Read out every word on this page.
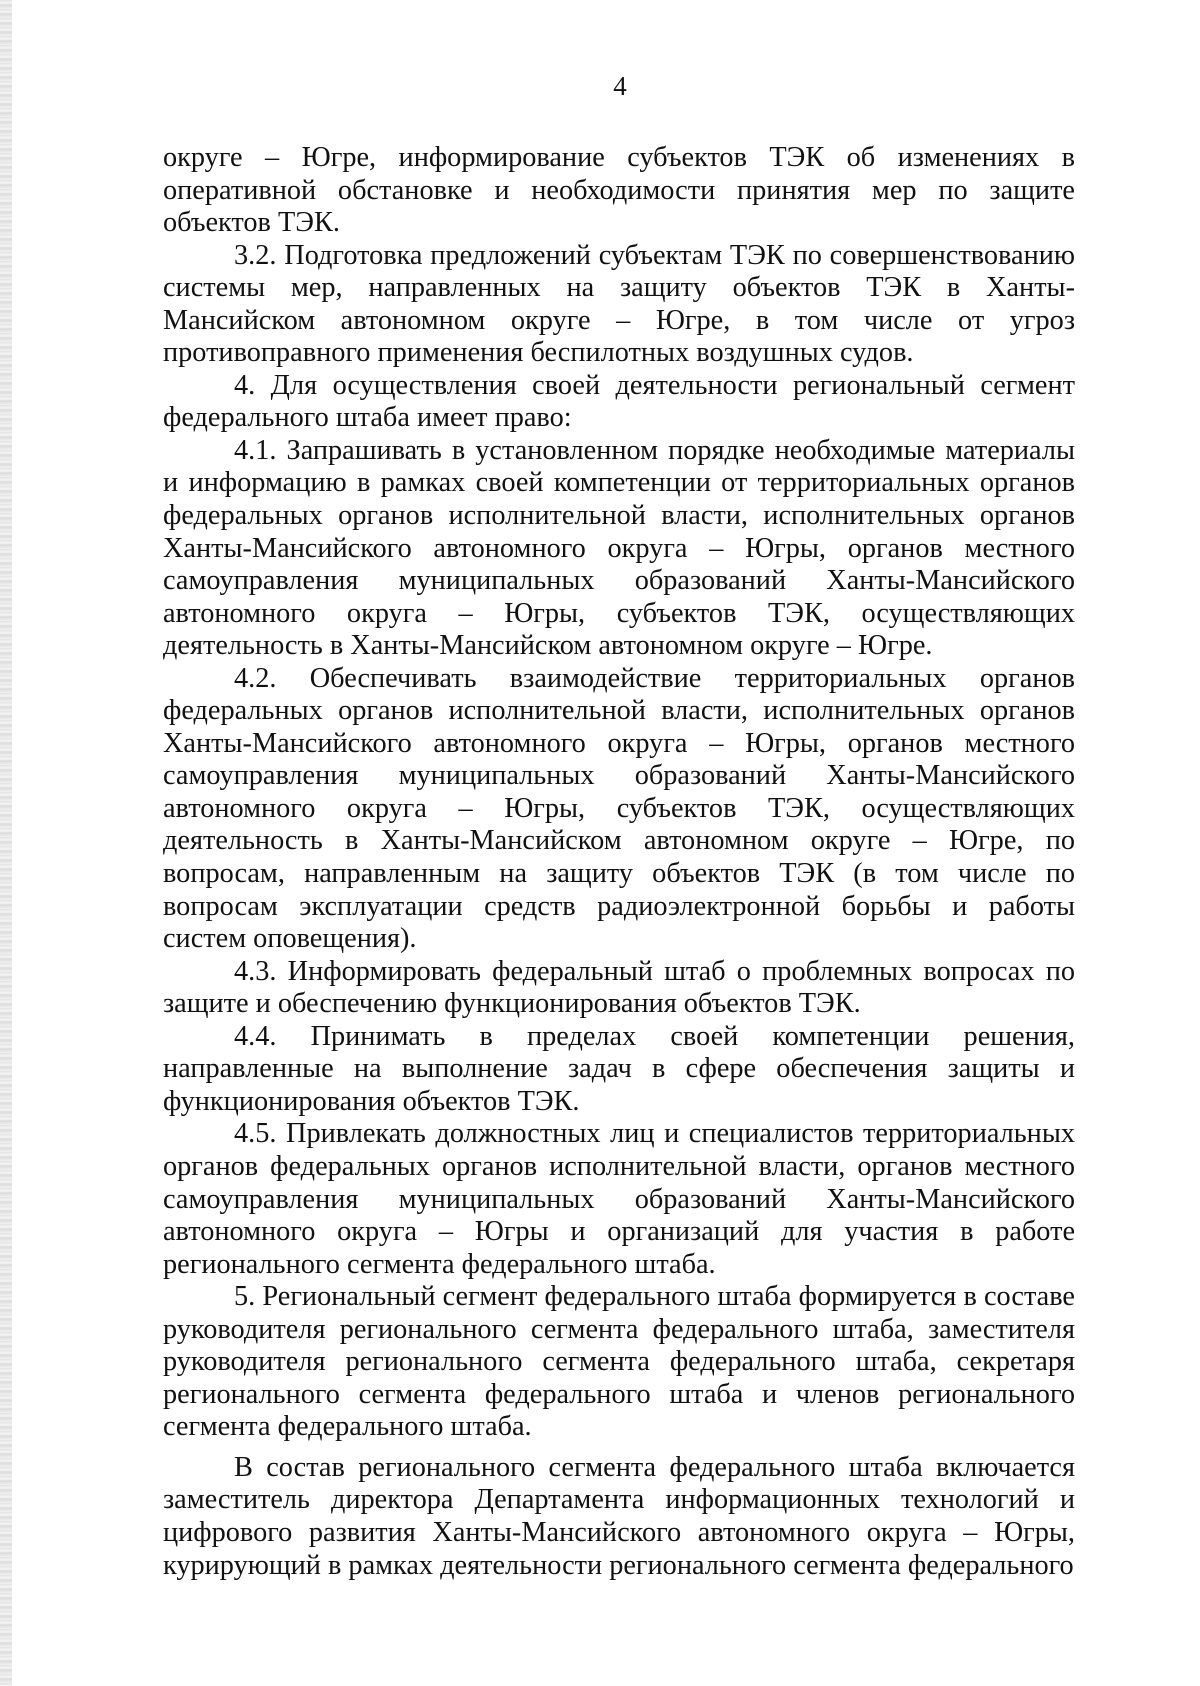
4

округе – Югре, информирование субъектов ТЭК об изменениях в оперативной обстановке и необходимости принятия мер по защите объектов ТЭК.

3.2. Подготовка предложений субъектам ТЭК по совершенствованию системы мер, направленных на защиту объектов ТЭК в Ханты-Мансийском автономном округе – Югре, в том числе от угроз противоправного применения беспилотных воздушных судов.

4. Для осуществления своей деятельности региональный сегмент федерального штаба имеет право:

4.1. Запрашивать в установленном порядке необходимые материалы и информацию в рамках своей компетенции от территориальных органов федеральных органов исполнительной власти, исполнительных органов Ханты-Мансийского автономного округа – Югры, органов местного самоуправления муниципальных образований Ханты-Мансийского автономного округа – Югры, субъектов ТЭК, осуществляющих деятельность в Ханты-Мансийском автономном округе – Югре.

4.2. Обеспечивать взаимодействие территориальных органов федеральных органов исполнительной власти, исполнительных органов Ханты-Мансийского автономного округа – Югры, органов местного самоуправления муниципальных образований Ханты-Мансийского автономного округа – Югры, субъектов ТЭК, осуществляющих деятельность в Ханты-Мансийском автономном округе – Югре, по вопросам, направленным на защиту объектов ТЭК (в том числе по вопросам эксплуатации средств радиоэлектронной борьбы и работы систем оповещения).

4.3. Информировать федеральный штаб о проблемных вопросах по защите и обеспечению функционирования объектов ТЭК.

4.4. Принимать в пределах своей компетенции решения, направленные на выполнение задач в сфере обеспечения защиты и функционирования объектов ТЭК.

4.5. Привлекать должностных лиц и специалистов территориальных органов федеральных органов исполнительной власти, органов местного самоуправления муниципальных образований Ханты-Мансийского автономного округа – Югры и организаций для участия в работе регионального сегмента федерального штаба.

5. Региональный сегмент федерального штаба формируется в составе руководителя регионального сегмента федерального штаба, заместителя руководителя регионального сегмента федерального штаба, секретаря регионального сегмента федерального штаба и членов регионального сегмента федерального штаба.

В состав регионального сегмента федерального штаба включается заместитель директора Департамента информационных технологий и цифрового развития Ханты-Мансийского автономного округа – Югры, курирующий в рамках деятельности регионального сегмента федерального
